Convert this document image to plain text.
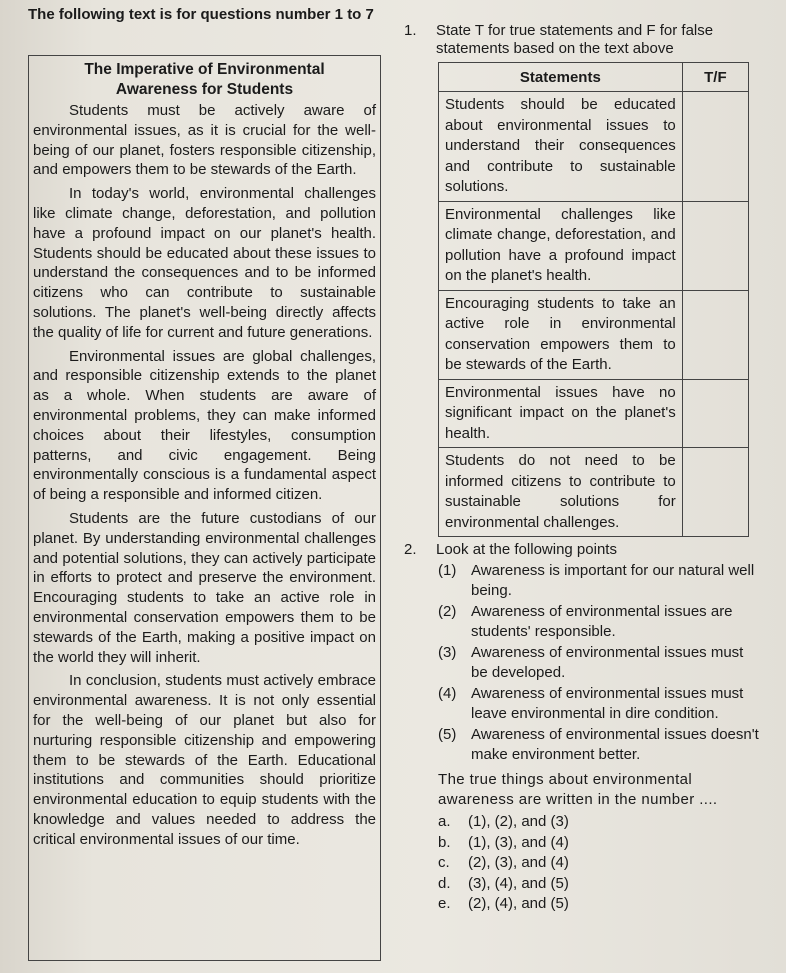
The following text is for questions number 1 to 7
The Imperative of Environmental
Awareness for Students

Students must be actively aware of environmental issues, as it is crucial for the well-being of our planet, fosters responsible citizenship, and empowers them to be stewards of the Earth.

In today's world, environmental challenges like climate change, deforestation, and pollution have a profound impact on our planet's health. Students should be educated about these issues to understand the consequences and to be informed citizens who can contribute to sustainable solutions. The planet's well-being directly affects the quality of life for current and future generations.

Environmental issues are global challenges, and responsible citizenship extends to the planet as a whole. When students are aware of environmental problems, they can make informed choices about their lifestyles, consumption patterns, and civic engagement. Being environmentally conscious is a fundamental aspect of being a responsible and informed citizen.

Students are the future custodians of our planet. By understanding environmental challenges and potential solutions, they can actively participate in efforts to protect and preserve the environment. Encouraging students to take an active role in environmental conservation empowers them to be stewards of the Earth, making a positive impact on the world they will inherit.

In conclusion, students must actively embrace environmental awareness. It is not only essential for the well-being of our planet but also for nurturing responsible citizenship and empowering them to be stewards of the Earth. Educational institutions and communities should prioritize environmental education to equip students with the knowledge and values needed to address the critical environmental issues of our time.

1.	State T for true statements and F for false statements based on the text above
Statements	T/F
Students should be educated about environmental issues to understand their consequences and contribute to sustainable solutions.	
Environmental challenges like climate change, deforestation, and pollution have a profound impact on the planet's health.	
Encouraging students to take an active role in environmental conservation empowers them to be stewards of the Earth.	
Environmental issues have no significant impact on the planet's health.	
Students do not need to be informed citizens to contribute to sustainable solutions for environmental challenges.	
2.	Look at the following points
(1) Awareness is important for our natural well being.
(2) Awareness of environmental issues are students' responsible.
(3) Awareness of environmental issues must be developed.
(4) Awareness of environmental issues must leave environmental in dire condition.
(5) Awareness of environmental issues doesn't make environment better.
The true things about environmental awareness are written in the number ....
a.	(1), (2), and (3)
b.	(1), (3), and (4)
c.	(2), (3), and (4)
d.	(3), (4), and (5)
e.	(2), (4), and (5)
